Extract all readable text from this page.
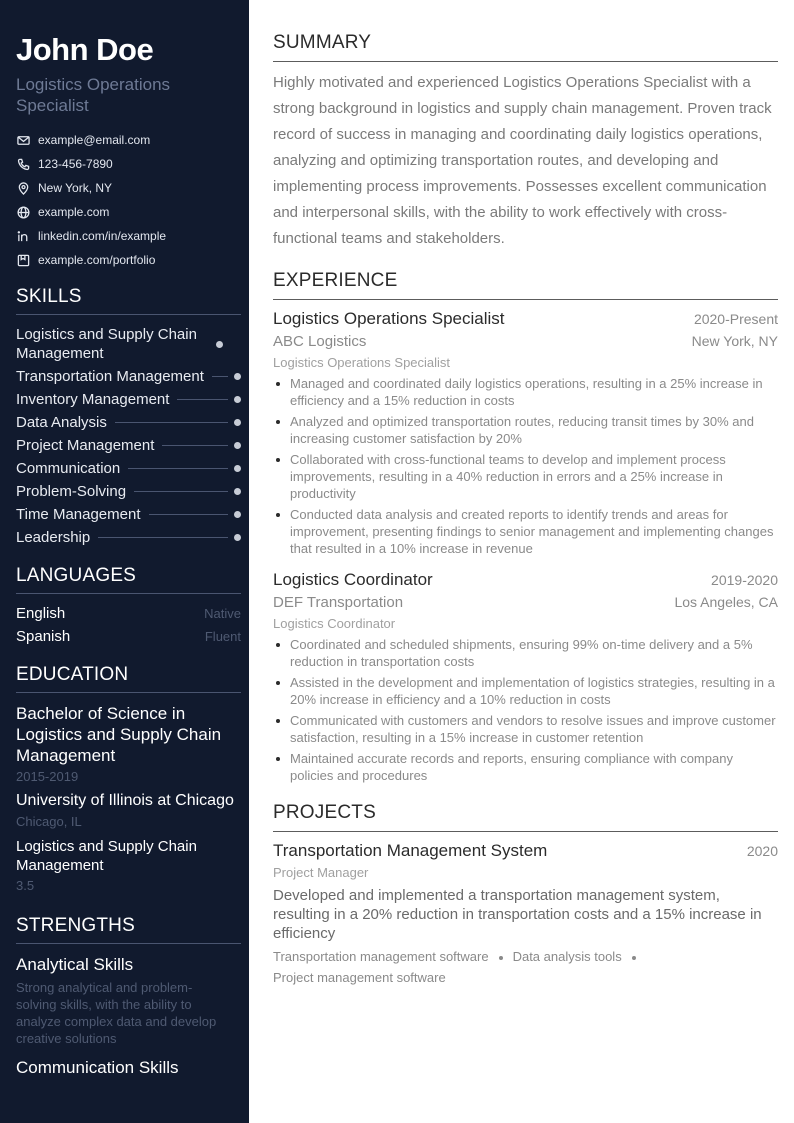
John Doe
Logistics Operations Specialist
example@email.com
123-456-7890
New York, NY
example.com
linkedin.com/in/example
example.com/portfolio
SKILLS
Logistics and Supply Chain Management
Transportation Management
Inventory Management
Data Analysis
Project Management
Communication
Problem-Solving
Time Management
Leadership
LANGUAGES
English	Native
Spanish	Fluent
EDUCATION
Bachelor of Science in Logistics and Supply Chain Management
2015-2019
University of Illinois at Chicago
Chicago, IL
Logistics and Supply Chain Management
3.5
STRENGTHS
Analytical Skills
Strong analytical and problem-solving skills, with the ability to analyze complex data and develop creative solutions
Communication Skills
SUMMARY

Highly motivated and experienced Logistics Operations Specialist with a strong background in logistics and supply chain management. Proven track record of success in managing and coordinating daily logistics operations, analyzing and optimizing transportation routes, and developing and implementing process improvements. Possesses excellent communication and interpersonal skills, with the ability to work effectively with cross-functional teams and stakeholders.

EXPERIENCE
Logistics Operations Specialist	2020-Present
ABC Logistics	New York, NY
Logistics Operations Specialist
Managed and coordinated daily logistics operations, resulting in a 25% increase in efficiency and a 15% reduction in costs
Analyzed and optimized transportation routes, reducing transit times by 30% and increasing customer satisfaction by 20%
Collaborated with cross-functional teams to develop and implement process improvements, resulting in a 40% reduction in errors and a 25% increase in productivity
Conducted data analysis and created reports to identify trends and areas for improvement, presenting findings to senior management and implementing changes that resulted in a 10% increase in revenue
Logistics Coordinator	2019-2020
DEF Transportation	Los Angeles, CA
Logistics Coordinator
Coordinated and scheduled shipments, ensuring 99% on-time delivery and a 5% reduction in transportation costs
Assisted in the development and implementation of logistics strategies, resulting in a 20% increase in efficiency and a 10% reduction in costs
Communicated with customers and vendors to resolve issues and improve customer satisfaction, resulting in a 15% increase in customer retention
Maintained accurate records and reports, ensuring compliance with company policies and procedures
PROJECTS
Transportation Management System	2020
Project Manager

Developed and implemented a transportation management system, resulting in a 20% reduction in transportation costs and a 15% increase in efficiency

Transportation management software Data analysis tools
Project management software
